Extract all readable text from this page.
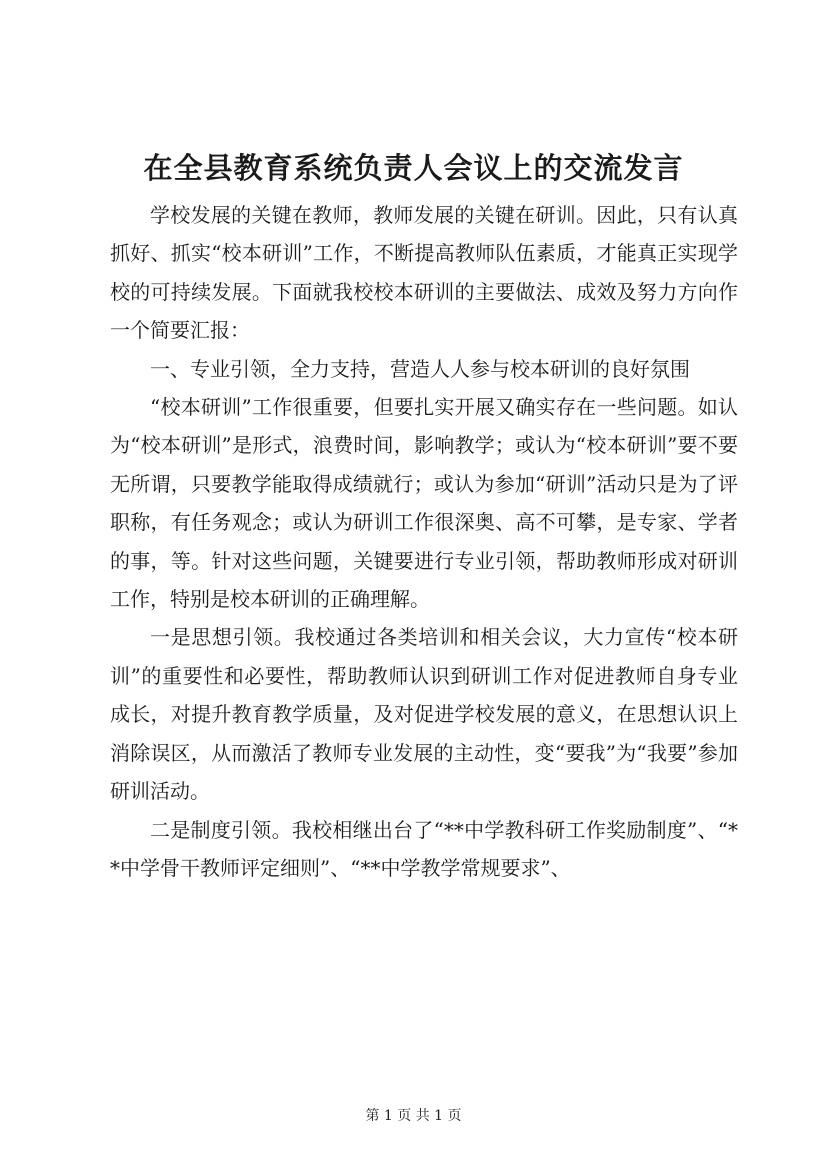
在全县教育系统负责人会议上的交流发言

学校发展的关键在教师，教师发展的关键在研训。因此，只有认真抓好、抓实“校本研训”工作，不断提高教师队伍素质，才能真正实现学校的可持续发展。下面就我校校本研训的主要做法、成效及努力方向作一个简要汇报：

一、专业引领，全力支持，营造人人参与校本研训的良好氛围

“校本研训”工作很重要，但要扎实开展又确实存在一些问题。如认为“校本研训”是形式，浪费时间，影响教学；或认为“校本研训”要不要无所谓，只要教学能取得成绩就行；或认为参加“研训”活动只是为了评职称，有任务观念；或认为研训工作很深奥、高不可攀，是专家、学者的事，等。针对这些问题，关键要进行专业引领，帮助教师形成对研训工作，特别是校本研训的正确理解。

一是思想引领。我校通过各类培训和相关会议，大力宣传“校本研训”的重要性和必要性，帮助教师认识到研训工作对促进教师自身专业成长，对提升教育教学质量，及对促进学校发展的意义，在思想认识上消除误区，从而激活了教师专业发展的主动性，变“要我”为“我要”参加研训活动。

二是制度引领。我校相继出台了“**中学教科研工作奖励制度”、“**中学骨干教师评定细则”、“**中学教学常规要求”、

第 1 页 共 1 页
